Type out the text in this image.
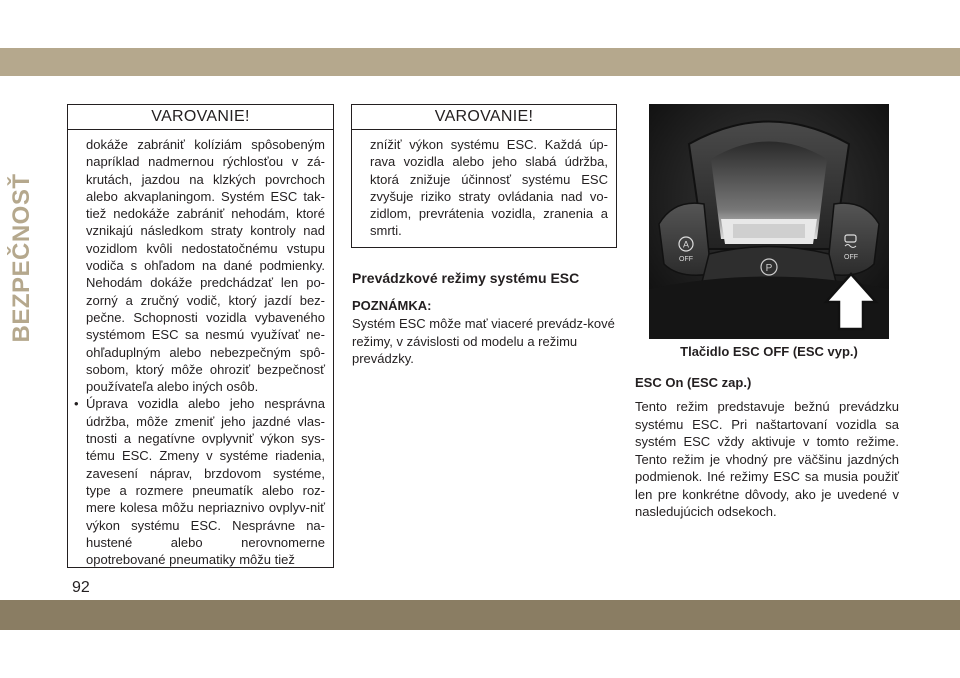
BEZPEČNOSŤ
VAROVANIE!
dokáže zabrániť kolíziám spôsobeným napríklad nadmernou rýchlosťou v zá-krutách, jazdou na klzkých povrchoch alebo akvaplaningom. Systém ESC tak-tiež nedokáže zabrániť nehodám, ktoré vznikajú následkom straty kontroly nad vozidlom kvôli nedostatočnému vstupu vodiča s ohľadom na dané podmienky. Nehodám dokáže predchádzať len po-zorný a zručný vodič, ktorý jazdí bez-pečne. Schopnosti vozidla vybaveného systémom ESC sa nesmú využívať ne-ohľaduplným alebo nebezpečným spô-sobom, ktorý môže ohroziť bezpečnosť používateľa alebo iných osôb.
• Úprava vozidla alebo jeho nesprávna údržba, môže zmeniť jeho jazdné vlas-tnosti a negatívne ovplyvniť výkon sys-tému ESC. Zmeny v systéme riadenia, zavesení náprav, brzdovom systéme, type a rozmere pneumatík alebo roz-mere kolesa môžu nepriaznivo ovplyv-niť výkon systému ESC. Nesprávne na-hustené alebo nerovnomerne opotrebované pneumatiky môžu tiež
VAROVANIE!
znížiť výkon systému ESC. Každá úp-rava vozidla alebo jeho slabá údržba, ktorá znižuje účinnosť systému ESC zvyšuje riziko straty ovládania nad vo-zidlom, prevrátenia vozidla, zranenia a smrti.
Prevádzkové režimy systému ESC
POZNÁMKA:
Systém ESC môže mať viaceré prevádz-kové režimy, v závislosti od modelu a režimu prevádzky.
A
OFF	OFF
P
Tlačidlo ESC OFF (ESC vyp.)
ESC On (ESC zap.)
Tento režim predstavuje bežnú prevádzku systému ESC. Pri naštartovaní vozidla sa systém ESC vždy aktivuje v tomto režime. Tento režim je vhodný pre väčšinu jazdných podmienok. Iné režimy ESC sa musia použiť len pre konkrétne dôvody, ako je uvedené v nasledujúcich odsekoch.
92
